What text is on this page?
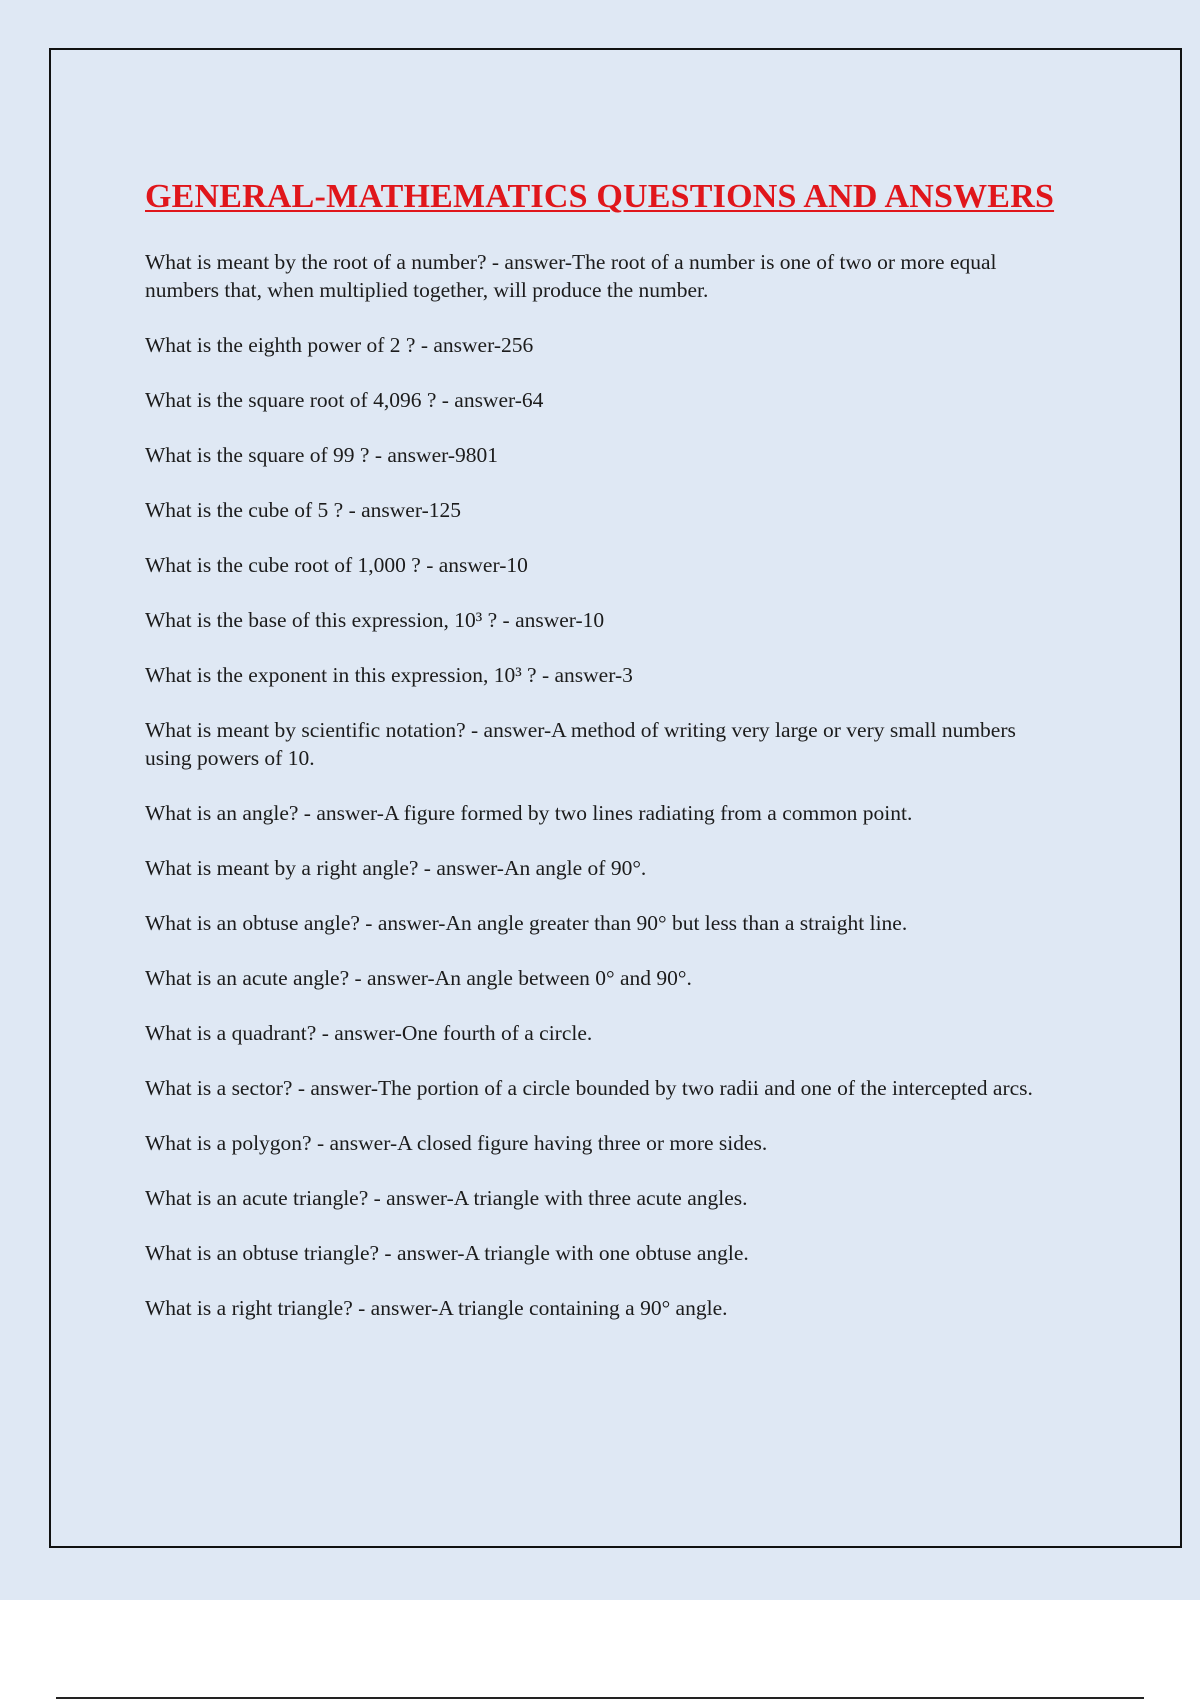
GENERAL-MATHEMATICS QUESTIONS AND ANSWERS
What is meant by the root of a number? - answer-The root of a number is one of two or more equal numbers that, when multiplied together, will produce the number.
What is the eighth power of 2 ? - answer-256
What is the square root of 4,096 ? - answer-64
What is the square of 99 ? - answer-9801
What is the cube of 5 ? - answer-125
What is the cube root of 1,000 ? - answer-10
What is the base of this expression, 10³ ? - answer-10
What is the exponent in this expression, 10³ ? - answer-3
What is meant by scientific notation? - answer-A method of writing very large or very small numbers using powers of 10.
What is an angle? - answer-A figure formed by two lines radiating from a common point.
What is meant by a right angle? - answer-An angle of 90°.
What is an obtuse angle? - answer-An angle greater than 90° but less than a straight line.
What is an acute angle? - answer-An angle between 0° and 90°.
What is a quadrant? - answer-One fourth of a circle.
What is a sector? - answer-The portion of a circle bounded by two radii and one of the intercepted arcs.
What is a polygon? - answer-A closed figure having three or more sides.
What is an acute triangle? - answer-A triangle with three acute angles.
What is an obtuse triangle? - answer-A triangle with one obtuse angle.
What is a right triangle? - answer-A triangle containing a 90° angle.
